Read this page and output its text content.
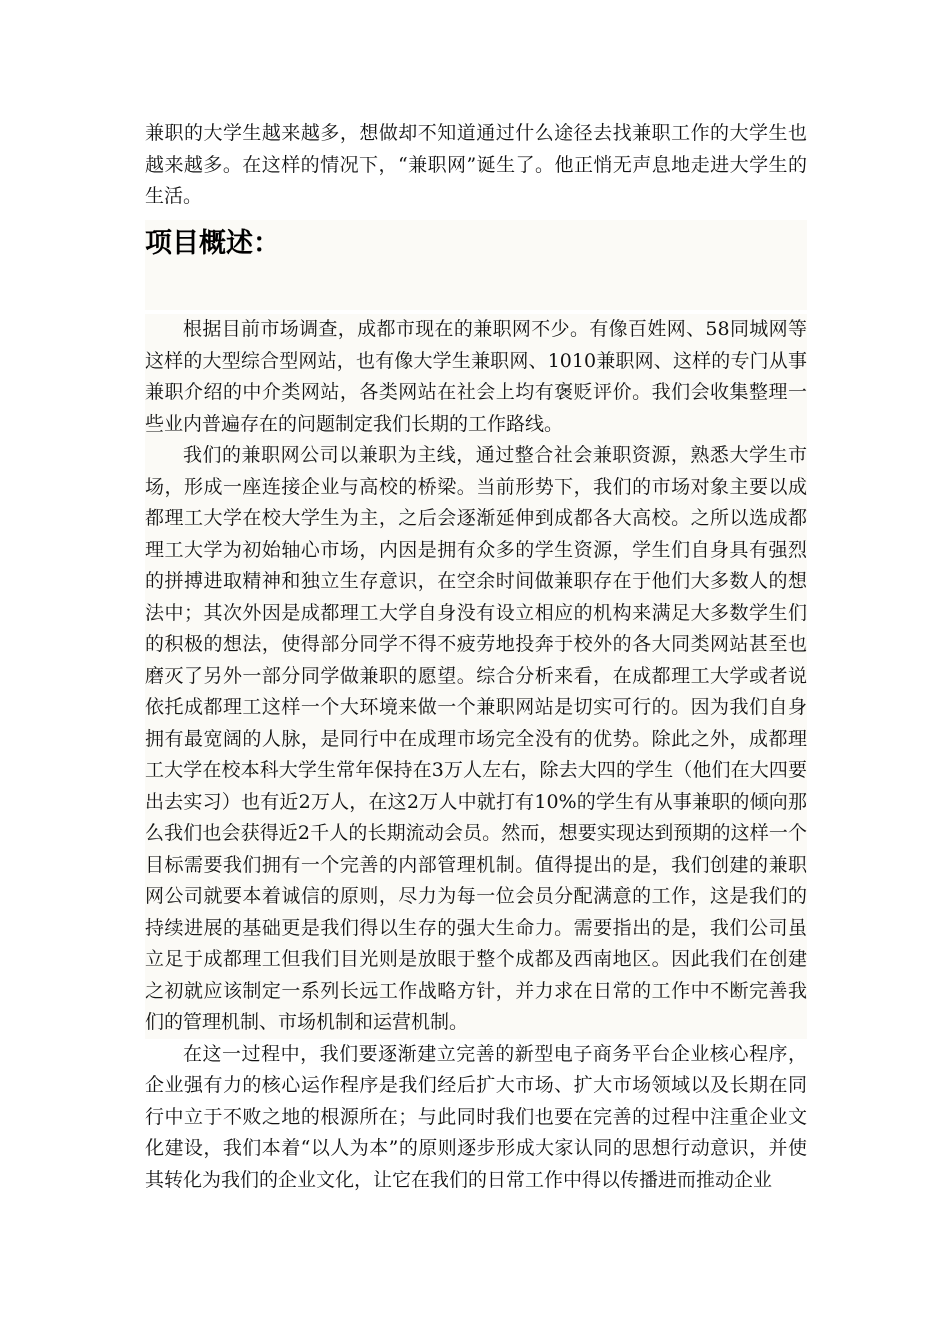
兼职的大学生越来越多，想做却不知道通过什么途径去找兼职工作的大学生也越来越多。在这样的情况下，“兼职网”诞生了。他正悄无声息地走进大学生的生活。

项目概述：

根据目前市场调查，成都市现在的兼职网不少。有像百姓网、58同城网等这样的大型综合型网站，也有像大学生兼职网、1010兼职网、这样的专门从事兼职介绍的中介类网站，各类网站在社会上均有褒贬评价。我们会收集整理一些业内普遍存在的问题制定我们长期的工作路线。

我们的兼职网公司以兼职为主线，通过整合社会兼职资源，熟悉大学生市场，形成一座连接企业与高校的桥梁。当前形势下，我们的市场对象主要以成都理工大学在校大学生为主，之后会逐渐延伸到成都各大高校。之所以选成都理工大学为初始轴心市场，内因是拥有众多的学生资源，学生们自身具有强烈的拼搏进取精神和独立生存意识，在空余时间做兼职存在于他们大多数人的想法中；其次外因是成都理工大学自身没有设立相应的机构来满足大多数学生们的积极的想法，使得部分同学不得不疲劳地投奔于校外的各大同类网站甚至也磨灭了另外一部分同学做兼职的愿望。综合分析来看，在成都理工大学或者说依托成都理工这样一个大环境来做一个兼职网站是切实可行的。因为我们自身拥有最宽阔的人脉，是同行中在成理市场完全没有的优势。除此之外，成都理工大学在校本科大学生常年保持在3万人左右，除去大四的学生（他们在大四要出去实习）也有近2万人，在这2万人中就打有10%的学生有从事兼职的倾向那么我们也会获得近2千人的长期流动会员。然而，想要实现达到预期的这样一个目标需要我们拥有一个完善的内部管理机制。值得提出的是，我们创建的兼职网公司就要本着诚信的原则，尽力为每一位会员分配满意的工作，这是我们的持续进展的基础更是我们得以生存的强大生命力。需要指出的是，我们公司虽立足于成都理工但我们目光则是放眼于整个成都及西南地区。因此我们在创建之初就应该制定一系列长远工作战略方针，并力求在日常的工作中不断完善我们的管理机制、市场机制和运营机制。

在这一过程中，我们要逐渐建立完善的新型电子商务平台企业核心程序，企业强有力的核心运作程序是我们经后扩大市场、扩大市场领域以及长期在同行中立于不败之地的根源所在；与此同时我们也要在完善的过程中注重企业文化建设，我们本着“以人为本”的原则逐步形成大家认同的思想行动意识，并使其转化为我们的企业文化，让它在我们的日常工作中得以传播进而推动企业
